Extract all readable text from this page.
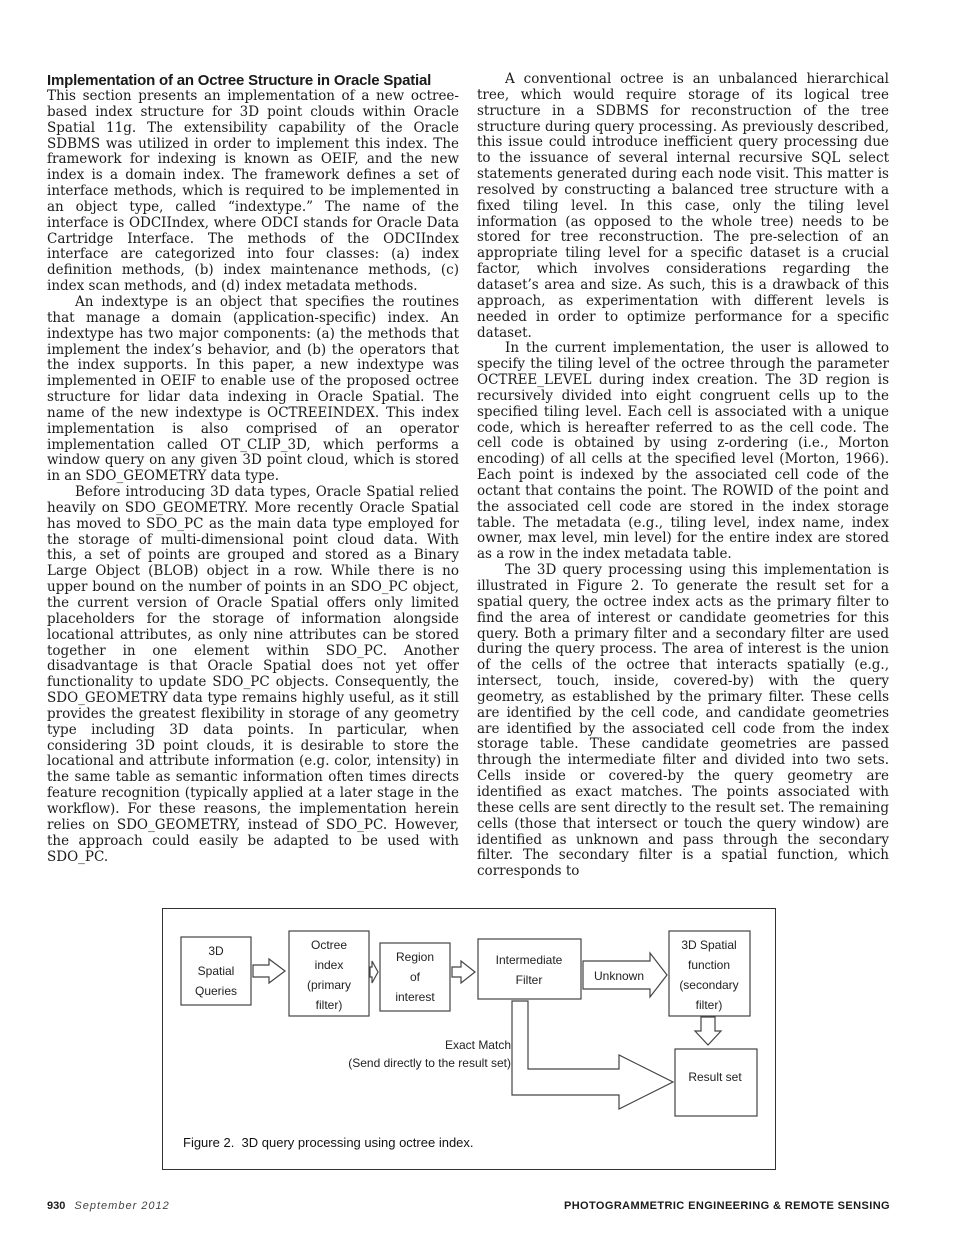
Implementation of an Octree Structure in Oracle Spatial

This section presents an implementation of a new octree-based index structure for 3D point clouds within Oracle Spatial 11g. The extensibility capability of the Oracle SDBMS was utilized in order to implement this index. The framework for indexing is known as OEIF, and the new index is a domain index. The framework defines a set of interface methods, which is required to be implemented in an object type, called “indextype.” The name of the interface is ODCIIndex, where ODCI stands for Oracle Data Cartridge Interface. The methods of the ODCIIndex interface are categorized into four classes: (a) index definition methods, (b) index maintenance methods, (c) index scan methods, and (d) index metadata methods.

An indextype is an object that specifies the routines that manage a domain (application-specific) index. An indextype has two major components: (a) the methods that implement the index’s behavior, and (b) the operators that the index supports. In this paper, a new indextype was implemented in OEIF to enable use of the proposed octree structure for lidar data indexing in Oracle Spatial. The name of the new indextype is OCTREEINDEX. This index implementation is also comprised of an operator implementation called OT_CLIP_3D, which performs a window query on any given 3D point cloud, which is stored in an SDO_GEOMETRY data type.

Before introducing 3D data types, Oracle Spatial relied heavily on SDO_GEOMETRY. More recently Oracle Spatial has moved to SDO_PC as the main data type employed for the storage of multi-dimensional point cloud data. With this, a set of points are grouped and stored as a Binary Large Object (BLOB) object in a row. While there is no upper bound on the number of points in an SDO_PC object, the current version of Oracle Spatial offers only limited placeholders for the storage of information alongside locational attributes, as only nine attributes can be stored together in one element within SDO_PC. Another disadvantage is that Oracle Spatial does not yet offer functionality to update SDO_PC objects. Consequently, the SDO_GEOMETRY data type remains highly useful, as it still provides the greatest flexibility in storage of any geometry type including 3D data points. In particular, when considering 3D point clouds, it is desirable to store the locational and attribute information (e.g. color, intensity) in the same table as semantic information often times directs feature recognition (typically applied at a later stage in the workflow). For these reasons, the implementation herein relies on SDO_GEOMETRY, instead of SDO_PC. However, the approach could easily be adapted to be used with SDO_PC.

A conventional octree is an unbalanced hierarchical tree, which would require storage of its logical tree structure in a SDBMS for reconstruction of the tree structure during query processing. As previously described, this issue could introduce inefficient query processing due to the issuance of several internal recursive SQL select statements generated during each node visit. This matter is resolved by constructing a balanced tree structure with a fixed tiling level. In this case, only the tiling level information (as opposed to the whole tree) needs to be stored for tree reconstruction. The pre-selection of an appropriate tiling level for a specific dataset is a crucial factor, which involves considerations regarding the dataset’s area and size. As such, this is a drawback of this approach, as experimentation with different levels is needed in order to optimize performance for a specific dataset.

In the current implementation, the user is allowed to specify the tiling level of the octree through the parameter OCTREE_LEVEL during index creation. The 3D region is recursively divided into eight congruent cells up to the specified tiling level. Each cell is associated with a unique code, which is hereafter referred to as the cell code. The cell code is obtained by using z-ordering (i.e., Morton encoding) of all cells at the specified level (Morton, 1966). Each point is indexed by the associated cell code of the octant that contains the point. The ROWID of the point and the associated cell code are stored in the index storage table. The metadata (e.g., tiling level, index name, index owner, max level, min level) for the entire index are stored as a row in the index metadata table.

The 3D query processing using this implementation is illustrated in Figure 2. To generate the result set for a spatial query, the octree index acts as the primary filter to find the area of interest or candidate geometries for this query. Both a primary filter and a secondary filter are used during the query process. The area of interest is the union of the cells of the octree that interacts spatially (e.g., intersect, touch, inside, covered-by) with the query geometry, as established by the primary filter. These cells are identified by the cell code, and candidate geometries are identified by the associated cell code from the index storage table. These candidate geometries are passed through the intermediate filter and divided into two sets. Cells inside or covered-by the query geometry are identified as exact matches. The points associated with these cells are sent directly to the result set. The remaining cells (those that intersect or touch the query window) are identified as unknown and pass through the secondary filter. The secondary filter is a spatial function, which corresponds to

3D
Spatial
Queries
Octree
index
(primary
filter)
Region
of
interest
Intermediate
Filter	Unknown
3D Spatial
function
(secondary
filter)
Result set
Exact Match
(Send directly to the result set)
Figure 2. 3D query processing using octree index.
930 September 2012	PHOTOGRAMMETRIC ENGINEERING & REMOTE SENSING
